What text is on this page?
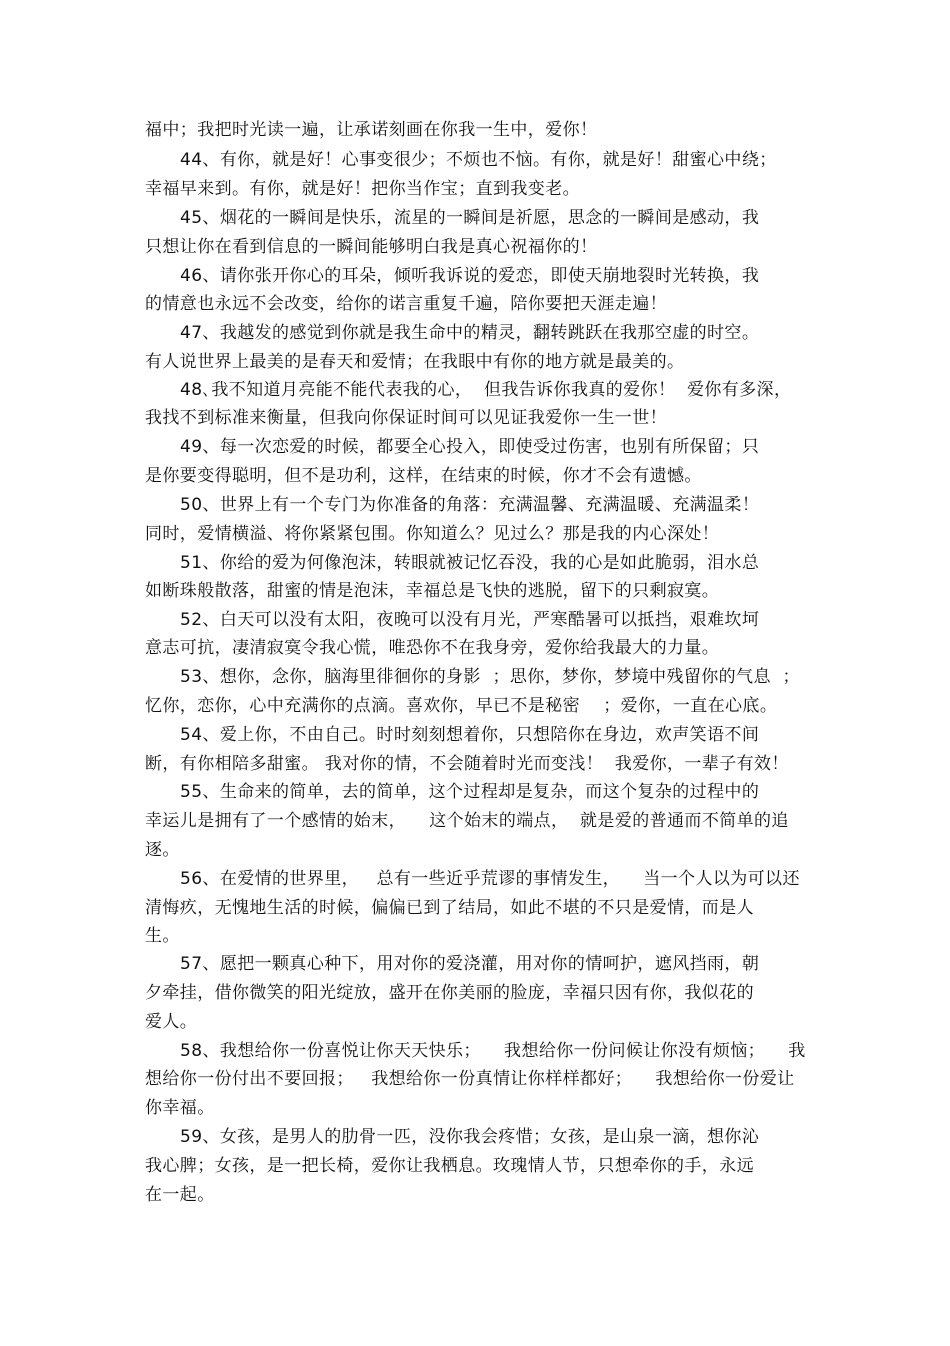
福中；我把时光读一遍，让承诺刻画在你我一生中，爱你！
44、有你，就是好！心事变很少；不烦也不恼。有你，就是好！甜蜜心中绕；
幸福早来到。有你，就是好！把你当作宝；直到我变老。
45、烟花的一瞬间是快乐，流星的一瞬间是祈愿，思念的一瞬间是感动，我
只想让你在看到信息的一瞬间能够明白我是真心祝福你的！
46、请你张开你心的耳朵，倾听我诉说的爱恋，即使天崩地裂时光转换，我
的情意也永远不会改变，给你的诺言重复千遍，陪你要把天涯走遍！
47、我越发的感觉到你就是我生命中的精灵，翻转跳跃在我那空虚的时空。
有人说世界上最美的是春天和爱情；在我眼中有你的地方就是最美的。
48､我不知道月亮能不能代表我的心，  但我告诉你我真的爱你！  爱你有多深，
我找不到标准来衡量，但我向你保证时间可以见证我爱你一生一世！
49、每一次恋爱的时候，都要全心投入，即使受过伤害，也别有所保留；只
是你要变得聪明，但不是功利，这样，在结束的时候，你才不会有遗憾。
50、世界上有一个专门为你准备的角落：充满温馨、充满温暖、充满温柔！
同时，爱情横溢、将你紧紧包围。你知道么？见过么？那是我的内心深处！
51、你给的爱为何像泡沫，转眼就被记忆吞没，我的心是如此脆弱，泪水总
如断珠般散落，甜蜜的情是泡沫，幸福总是飞快的逃脱，留下的只剩寂寞。
52、白天可以没有太阳，夜晚可以没有月光，严寒酷暑可以抵挡，艰难坎坷
意志可抗，凄清寂寞令我心慌，唯恐你不在我身旁，爱你给我最大的力量。
53、想你，念你，脑海里徘徊你的身影  ；思你，梦你，梦境中残留你的气息  ；
忆你，恋你，心中充满你的点滴。喜欢你，早已不是秘密    ；爱你，一直在心底。
54、爱上你，不由自己。时时刻刻想着你，只想陪你在身边，欢声笑语不间
断，有你相陪多甜蜜。 我对你的情，不会随着时光而变浅！  我爱你，一辈子有效！
55、生命来的简单，去的简单，这个过程却是复杂，而这个复杂的过程中的
幸运儿是拥有了一个感情的始末，    这个始末的端点，  就是爱的普通而不简单的追
逐。
56、在爱情的世界里，   总有一些近乎荒谬的事情发生，    当一个人以为可以还
清悔疚，无愧地生活的时候，偏偏已到了结局，如此不堪的不只是爱情，而是人
生。
57、愿把一颗真心种下，用对你的爱浇灌，用对你的情呵护，遮风挡雨，朝
夕牵挂，借你微笑的阳光绽放，盛开在你美丽的脸庞，幸福只因有你，我似花的
爱人。
58、我想给你一份喜悦让你天天快乐；    我想给你一份问候让你没有烦恼；    我
想给你一份付出不要回报；   我想给你一份真情让你样样都好；    我想给你一份爱让
你幸福。
59、女孩，是男人的肋骨一匹，没你我会疼惜；女孩，是山泉一滴，想你沁
我心脾；女孩，是一把长椅，爱你让我栖息。玫瑰情人节，只想牵你的手，永远
在一起。
